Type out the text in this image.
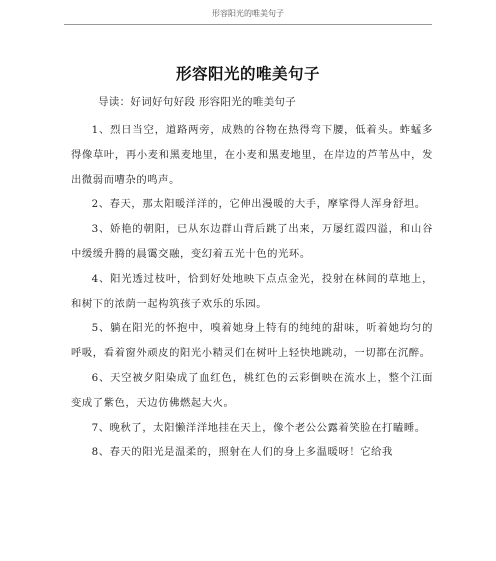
形容阳光的唯美句子
形容阳光的唯美句子
导读：好词好句好段 形容阳光的唯美句子

1、烈日当空，道路两旁，成熟的谷物在热得弯下腰，低着头。蚱蜢多得像草叶，再小麦和黑麦地里，在小麦和黑麦地里，在岸边的芦苇丛中，发出微弱而嘈杂的鸣声。

2、春天，那太阳暖洋洋的，它伸出漫暖的大手，摩挲得人浑身舒坦。

3、娇艳的朝阳，已从东边群山背后跳了出来，万屡红霞四溢，和山谷中缓缓升腾的晨霭交融，变幻着五光十色的光环。

4、阳光透过枝叶，恰到好处地映下点点金光，投射在林间的草地上，和树下的浓荫一起构筑孩子欢乐的乐园。

5、躺在阳光的怀抱中，嗅着她身上特有的纯纯的甜味，听着她均匀的呼吸，看着窗外顽皮的阳光小精灵们在树叶上轻快地跳动，一切都在沉醉。

6、天空被夕阳染成了血红色，桃红色的云彩倒映在流水上，整个江面变成了紫色，天边仿佛燃起大火。

7、晚秋了，太阳懒洋洋地挂在天上，像个老公公露着笑脸在打瞌睡。

8、春天的阳光是温柔的，照射在人们的身上多温暖呀！它给我
